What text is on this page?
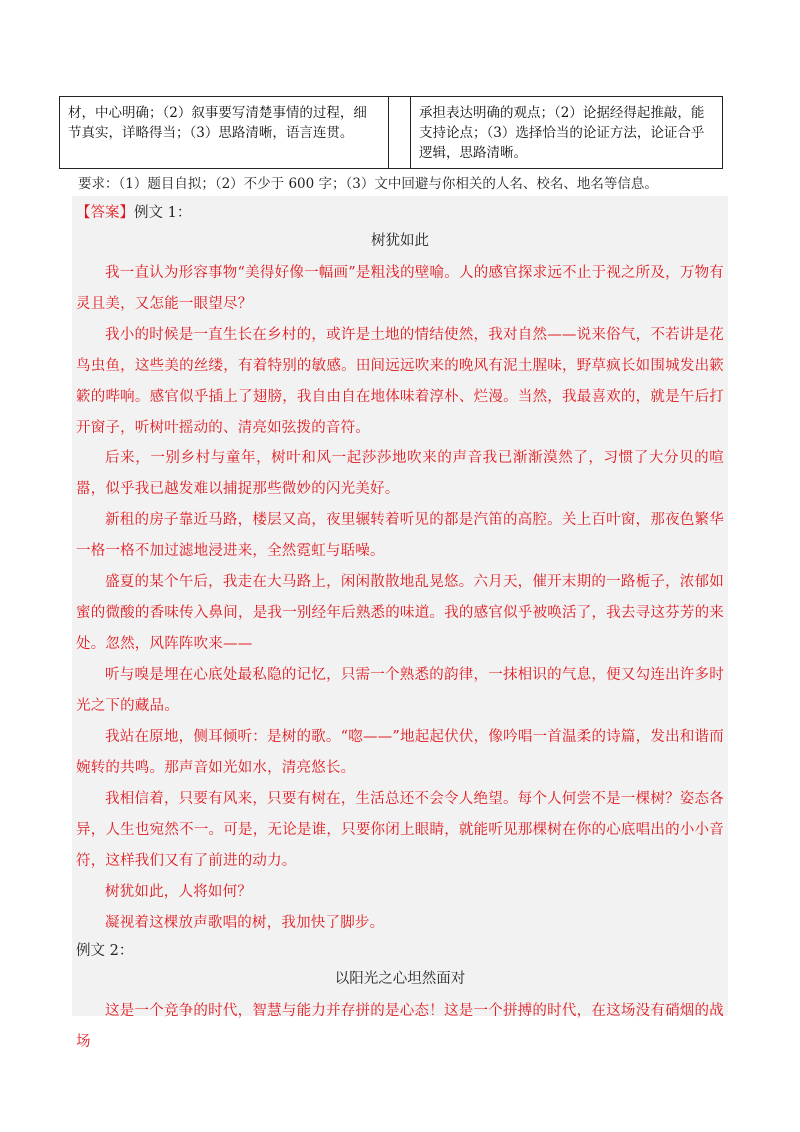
材，中心明确；（2）叙事要写清楚事情的过程，细节真实，详略得当；（3）思路清晰，语言连贯。
承担表达明确的观点；（2）论据经得起推敲，能支持论点；（3）选择恰当的论证方法，论证合乎逻辑，思路清晰。
要求：（1）题目自拟；（2）不少于 600 字；（3）文中回避与你相关的人名、校名、地名等信息。
【答案】例文 1：
树犹如此

我一直认为形容事物“美得好像一幅画”是粗浅的壁喻。人的感官探求远不止于视之所及，万物有灵且美，又怎能一眼望尽？

我小的时候是一直生长在乡村的，或许是土地的情结使然，我对自然——说来俗气，不若讲是花鸟虫鱼，这些美的丝缕，有着特别的敏感。田间远远吹来的晚风有泥土腥味，野草疯长如围城发出簌簌的哔响。感官似乎插上了翅膀，我自由自在地体味着淳朴、烂漫。当然，我最喜欢的，就是午后打开窗子，听树叶摇动的、清亮如弦拨的音符。

后来，一别乡村与童年，树叶和风一起莎莎地吹来的声音我已渐渐漠然了，习惯了大分贝的喧嚣，似乎我已越发难以捕捉那些微妙的闪光美好。

新租的房子靠近马路，楼层又高，夜里辗转着听见的都是汽笛的高腔。关上百叶窗，那夜色繁华一格一格不加过滤地浸进来，全然霓虹与聒噪。

盛夏的某个午后，我走在大马路上，闲闲散散地乱晃悠。六月天，催开末期的一路栀子，浓郁如蜜的微酸的香味传入鼻间，是我一别经年后熟悉的味道。我的感官似乎被唤活了，我去寻这芬芳的来处。忽然，风阵阵吹来——

听与嗅是埋在心底处最私隐的记忆，只需一个熟悉的韵律，一抹相识的气息，便又勾连出许多时光之下的藏品。

我站在原地，侧耳倾听：是树的歌。“唿——”地起起伏伏，像吟唱一首温柔的诗篇，发出和谐而婉转的共鸣。那声音如光如水，清亮悠长。

我相信着，只要有风来，只要有树在，生活总还不会令人绝望。每个人何尝不是一棵树？姿态各异，人生也宛然不一。可是，无论是谁，只要你闭上眼睛，就能听见那棵树在你的心底唱出的小小音符，这样我们又有了前进的动力。

树犹如此，人将如何？

凝视着这棵放声歌唱的树，我加快了脚步。

例文 2：
以阳光之心坦然面对

这是一个竞争的时代，智慧与能力并存拼的是心态！这是一个拼搏的时代，在这场没有硝烟的战场
